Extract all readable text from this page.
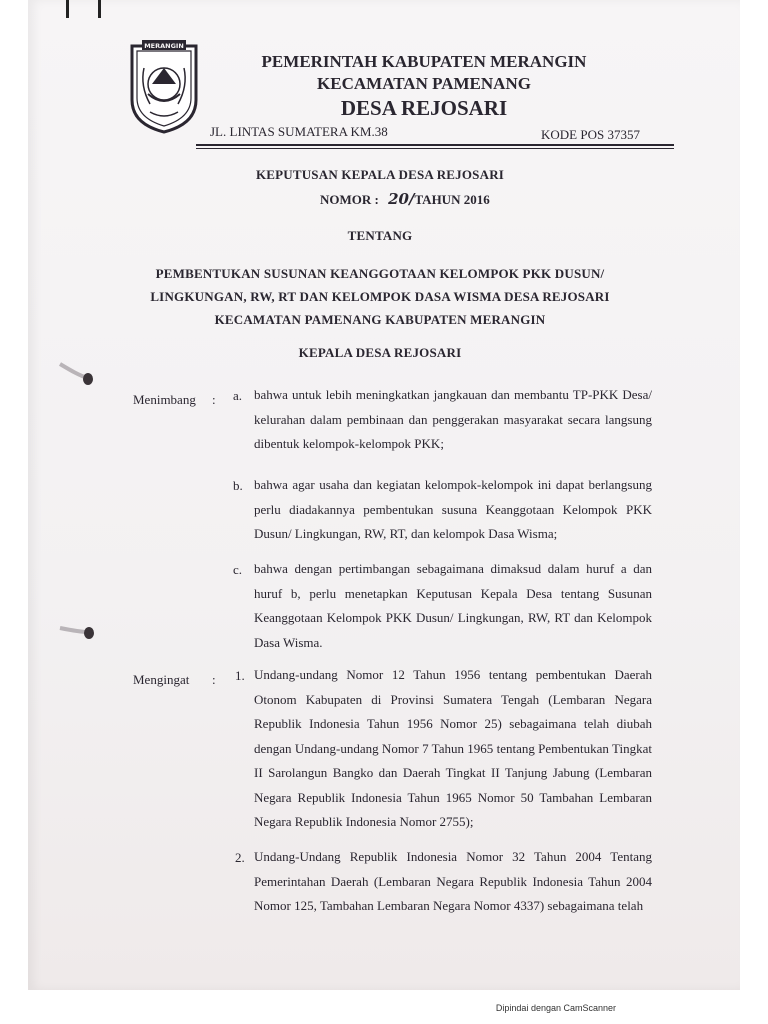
MERANGIN
PEMERINTAH KABUPATEN MERANGIN
KECAMATAN PAMENANG
DESA REJOSARI
JL. LINTAS SUMATERA KM.38	KODE POS 37357
KEPUTUSAN KEPALA DESA REJOSARI
NOMOR : 20/TAHUN 2016
TENTANG
PEMBENTUKAN SUSUNAN KEANGGOTAAN KELOMPOK PKK DUSUN/
LINGKUNGAN, RW, RT DAN KELOMPOK DASA WISMA DESA REJOSARI
KECAMATAN PAMENANG KABUPATEN MERANGIN
KEPALA DESA REJOSARI
Menimbang : a. bahwa untuk lebih meningkatkan jangkauan dan membantu TP-PKK Desa/ kelurahan dalam pembinaan dan penggerakan masyarakat secara langsung dibentuk kelompok-kelompok PKK;
b. bahwa agar usaha dan kegiatan kelompok-kelompok ini dapat berlangsung perlu diadakannya pembentukan susuna Keanggotaan Kelompok PKK Dusun/ Lingkungan, RW, RT, dan kelompok Dasa Wisma;
c. bahwa dengan pertimbangan sebagaimana dimaksud dalam huruf a dan huruf b, perlu menetapkan Keputusan Kepala Desa tentang Susunan Keanggotaan Kelompok PKK Dusun/ Lingkungan, RW, RT dan Kelompok Dasa Wisma.
Mengingat : 1. Undang-undang Nomor 12 Tahun 1956 tentang pembentukan Daerah Otonom Kabupaten di Provinsi Sumatera Tengah (Lembaran Negara Republik Indonesia Tahun 1956 Nomor 25) sebagaimana telah diubah dengan Undang-undang Nomor 7 Tahun 1965 tentang Pembentukan Tingkat II Sarolangun Bangko dan Daerah Tingkat II Tanjung Jabung (Lembaran Negara Republik Indonesia Tahun 1965 Nomor 50 Tambahan Lembaran Negara Republik Indonesia Nomor 2755);
2. Undang-Undang Republik Indonesia Nomor 32 Tahun 2004 Tentang Pemerintahan Daerah (Lembaran Negara Republik Indonesia Tahun 2004 Nomor 125, Tambahan Lembaran Negara Nomor 4337) sebagaimana telah
Dipindai dengan CamScanner
